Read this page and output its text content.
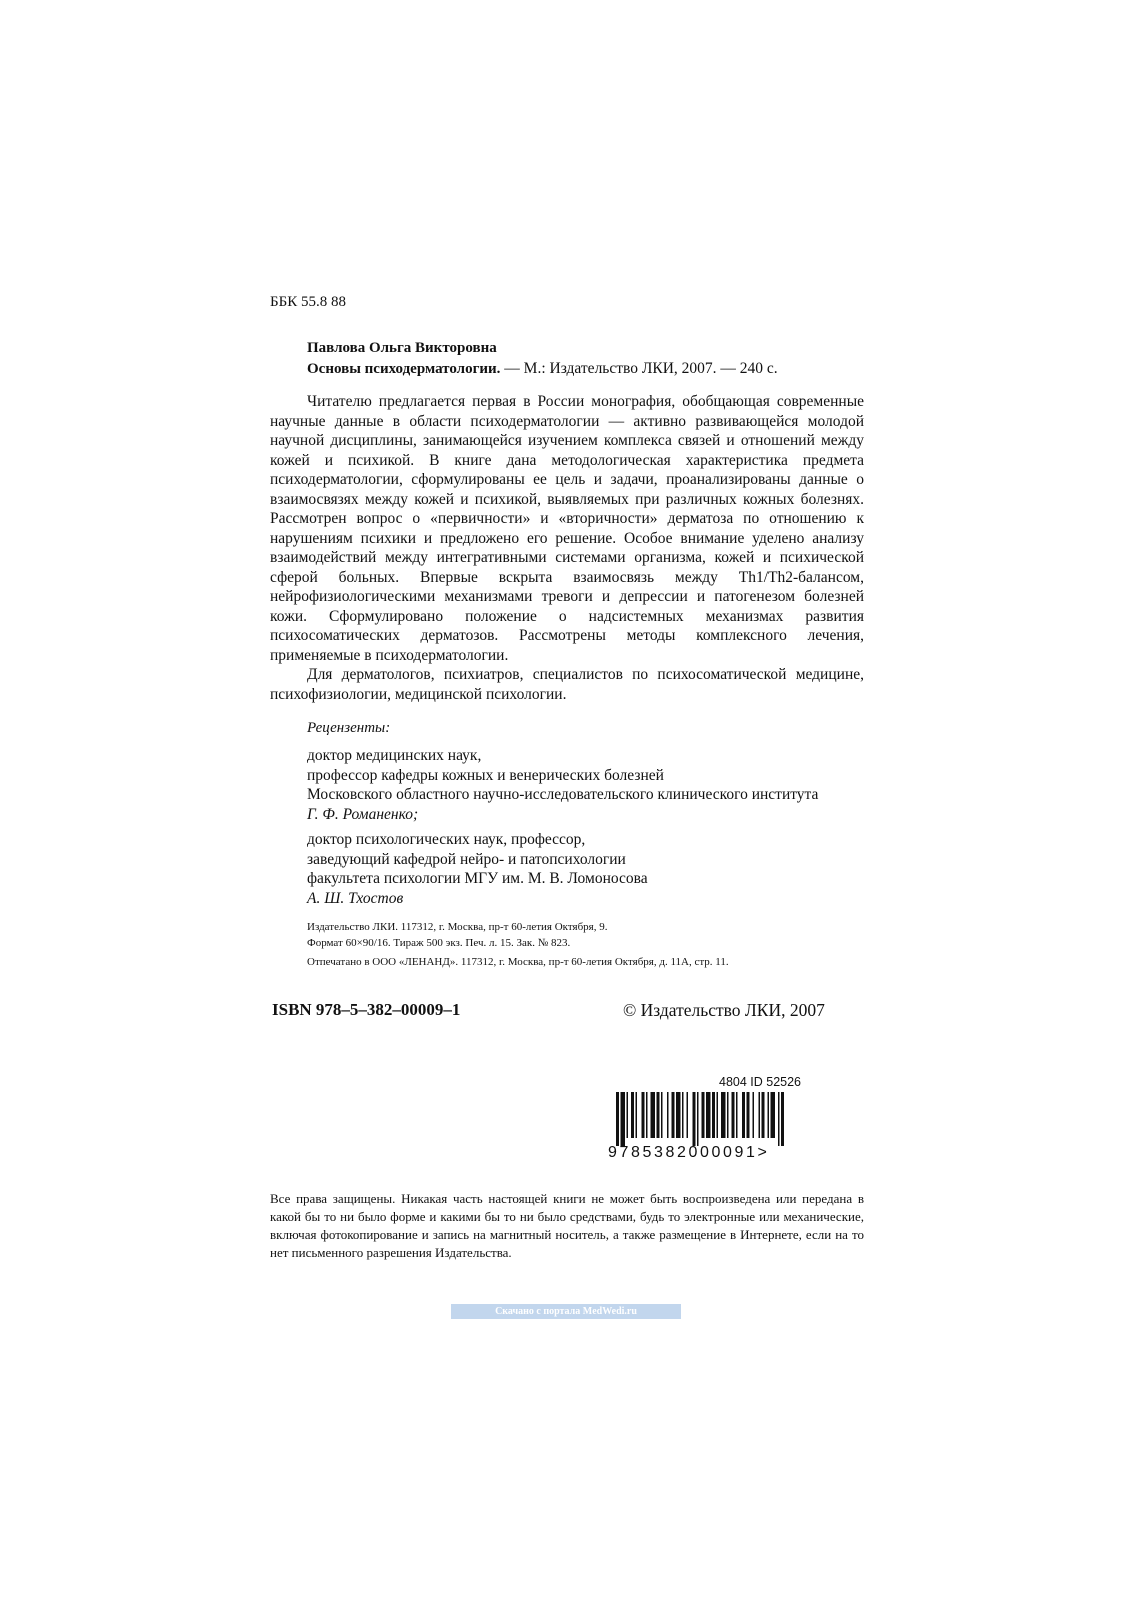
ББК 55.8 88
Павлова Ольга Викторовна
Основы психодерматологии. — М.: Издательство ЛКИ, 2007. — 240 с.

Читателю предлагается первая в России монография, обобщающая современные научные данные в области психодерматологии — активно развивающейся молодой научной дисциплины, занимающейся изучением комплекса связей и отношений между кожей и психикой. В книге дана методологическая характеристика предмета психодерматологии, сформулированы ее цель и задачи, проанализированы данные о взаимосвязях между кожей и психикой, выявляемых при различных кожных болезнях. Рассмотрен вопрос о «первичности» и «вторичности» дерматоза по отношению к нарушениям психики и предложено его решение. Особое внимание уделено анализу взаимодействий между интегративными системами организма, кожей и психической сферой больных. Впервые вскрыта взаимосвязь между Th1/Th2-балансом, нейрофизиологическими механизмами тревоги и депрессии и патогенезом болезней кожи. Сформулировано положение о надсистемных механизмах развития психосоматических дерматозов. Рассмотрены методы комплексного лечения, применяемые в психодерматологии.

Для дерматологов, психиатров, специалистов по психосоматической медицине, психофизиологии, медицинской психологии.

Рецензенты:
доктор медицинских наук,
профессор кафедры кожных и венерических болезней
Московского областного научно-исследовательского клинического института
Г. Ф. Романенко;
доктор психологических наук, профессор,
заведующий кафедрой нейро- и патопсихологии
факультета психологии МГУ им. М. В. Ломоносова
А. Ш. Тхостов
Издательство ЛКИ. 117312, г. Москва, пр-т 60-летия Октября, 9.
Формат 60×90/16. Тираж 500 экз. Печ. л. 15. Зак. № 823.
Отпечатано в ООО «ЛЕНАНД». 117312, г. Москва, пр-т 60-летия Октября, д. 11А, стр. 11.
ISBN 978–5–382–00009–1	© Издательство ЛКИ, 2007
4804 ID 52526
9785382000091>

Все права защищены. Никакая часть настоящей книги не может быть воспроизведена или передана в какой бы то ни было форме и какими бы то ни было средствами, будь то электронные или механические, включая фотокопирование и запись на магнитный носитель, а также размещение в Интернете, если на то нет письменного разрешения Издательства.

Скачано с портала MedWedi.ru
